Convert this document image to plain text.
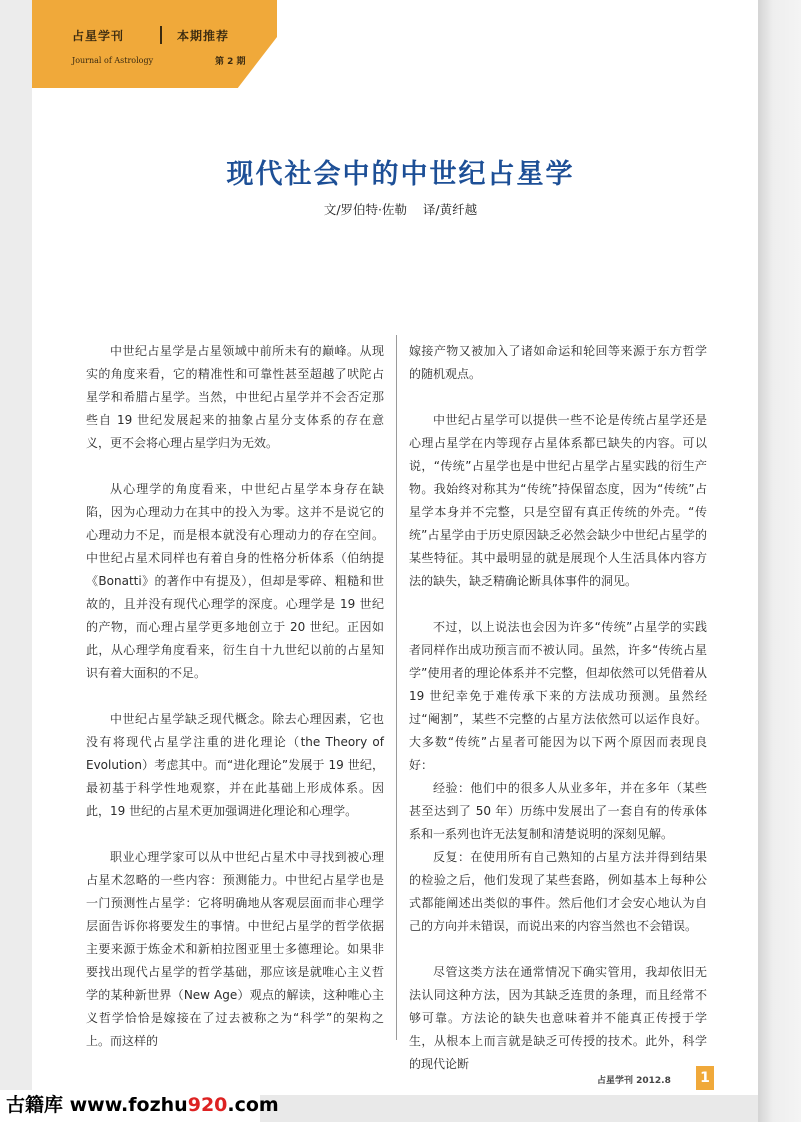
占星学刊	本期推荐
Journal of Astrology	第 2 期
现代社会中的中世纪占星学
文/罗伯特·佐勒    译/黄纤越

中世纪占星学是占星领域中前所未有的巅峰。从现实的角度来看，它的精准性和可靠性甚至超越了吠陀占星学和希腊占星学。当然，中世纪占星学并不会否定那些自 19 世纪发展起来的抽象占星分支体系的存在意义，更不会将心理占星学归为无效。

从心理学的角度看来，中世纪占星学本身存在缺陷，因为心理动力在其中的投入为零。这并不是说它的心理动力不足，而是根本就没有心理动力的存在空间。中世纪占星术同样也有着自身的性格分析体系（伯纳提《Bonatti》的著作中有提及），但却是零碎、粗糙和世故的，且并没有现代心理学的深度。心理学是 19 世纪的产物，而心理占星学更多地创立于 20 世纪。正因如此，从心理学角度看来，衍生自十九世纪以前的占星知识有着大面积的不足。

中世纪占星学缺乏现代概念。除去心理因素，它也没有将现代占星学注重的进化理论（the Theory of Evolution）考虑其中。而“进化理论”发展于 19 世纪，最初基于科学性地观察，并在此基础上形成体系。因此，19 世纪的占星术更加强调进化理论和心理学。

职业心理学家可以从中世纪占星术中寻找到被心理占星术忽略的一些内容：预测能力。中世纪占星学也是一门预测性占星学：它将明确地从客观层面而非心理学层面告诉你将要发生的事情。中世纪占星学的哲学依据主要来源于炼金术和新柏拉图亚里士多德理论。如果非要找出现代占星学的哲学基础，那应该是就唯心主义哲学的某种新世界（New Age）观点的解读，这种唯心主义哲学恰恰是嫁接在了过去被称之为“科学”的架构之上。而这样的

嫁接产物又被加入了诸如命运和轮回等来源于东方哲学的随机观点。

中世纪占星学可以提供一些不论是传统占星学还是心理占星学在内等现存占星体系都已缺失的内容。可以说，“传统”占星学也是中世纪占星学占星实践的衍生产物。我始终对称其为“传统”持保留态度，因为“传统”占星学本身并不完整，只是空留有真正传统的外壳。“传统”占星学由于历史原因缺乏必然会缺少中世纪占星学的某些特征。其中最明显的就是展现个人生活具体内容方法的缺失，缺乏精确论断具体事件的洞见。

不过，以上说法也会因为许多“传统”占星学的实践者同样作出成功预言而不被认同。虽然，许多“传统占星学”使用者的理论体系并不完整，但却依然可以凭借着从 19 世纪幸免于难传承下来的方法成功预测。虽然经过“阉割”，某些不完整的占星方法依然可以运作良好。大多数“传统”占星者可能因为以下两个原因而表现良好：

经验：他们中的很多人从业多年，并在多年（某些甚至达到了 50 年）历练中发展出了一套自有的传承体系和一系列也许无法复制和清楚说明的深刻见解。

反复：在使用所有自己熟知的占星方法并得到结果的检验之后，他们发现了某些套路，例如基本上每种公式都能阐述出类似的事件。然后他们才会安心地认为自己的方向并未错误，而说出来的内容当然也不会错误。

尽管这类方法在通常情况下确实管用，我却依旧无法认同这种方法，因为其缺乏连贯的条理，而且经常不够可靠。方法论的缺失也意味着并不能真正传授于学生，从根本上而言就是缺乏可传授的技术。此外，科学的现代论断

占星学刊 2012.8 1
古籍库 www.fozhu920.com
